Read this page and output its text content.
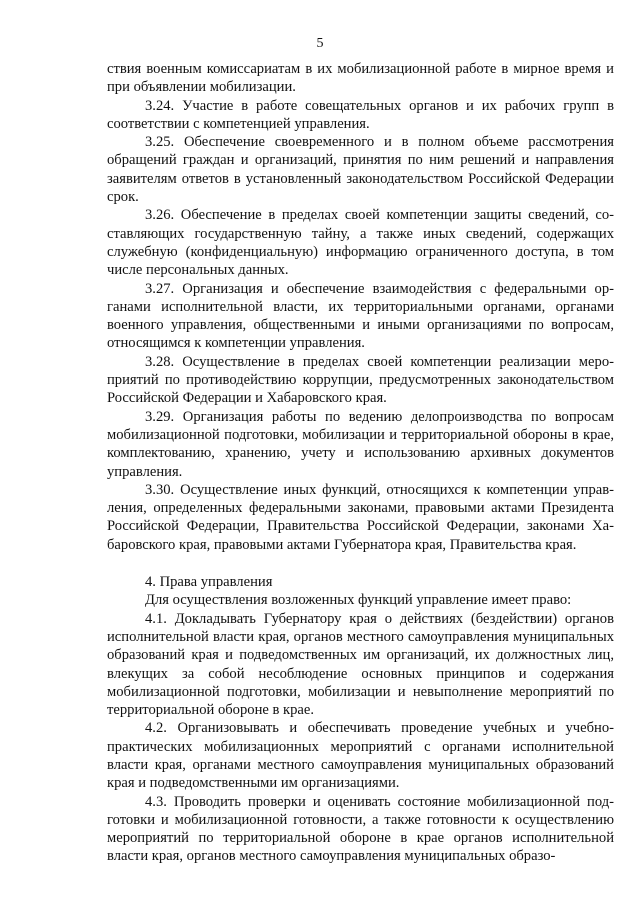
5

ствия военным комиссариатам в их мобилизационной работе в мирное время и при объявлении мобилизации.

3.24. Участие в работе совещательных органов и их рабочих групп в соответствии с компетенцией управления.

3.25. Обеспечение своевременного и в полном объеме рассмотрения обращений граждан и организаций, принятия по ним решений и направления заявителям ответов в установленный законодательством Российской Федерации срок.

3.26. Обеспечение в пределах своей компетенции защиты сведений, составляющих государственную тайну, а также иных сведений, содержащих служебную (конфиденциальную) информацию ограниченного доступа, в том числе персональных данных.

3.27. Организация и обеспечение взаимодействия с федеральными органами исполнительной власти, их территориальными органами, органами военного управления, общественными и иными организациями по вопросам, относящимся к компетенции управления.

3.28. Осуществление в пределах своей компетенции реализации мероприятий по противодействию коррупции, предусмотренных законодательством Российской Федерации и Хабаровского края.

3.29. Организация работы по ведению делопроизводства по вопросам мобилизационной подготовки, мобилизации и территориальной обороны в крае, комплектованию, хранению, учету и использованию архивных документов управления.

3.30. Осуществление иных функций, относящихся к компетенции управления, определенных федеральными законами, правовыми актами Президента Российской Федерации, Правительства Российской Федерации, законами Хабаровского края, правовыми актами Губернатора края, Правительства края.

4. Права управления

Для осуществления возложенных функций управление имеет право:

4.1. Докладывать Губернатору края о действиях (бездействии) органов исполнительной власти края, органов местного самоуправления муниципальных образований края и подведомственных им организаций, их должностных лиц, влекущих за собой несоблюдение основных принципов и содержания мобилизационной подготовки, мобилизации и невыполнение мероприятий по территориальной обороне в крае.

4.2. Организовывать и обеспечивать проведение учебных и учебно-практических мобилизационных мероприятий с органами исполнительной власти края, органами местного самоуправления муниципальных образований края и подведомственными им организациями.

4.3. Проводить проверки и оценивать состояние мобилизационной подготовки и мобилизационной готовности, а также готовности к осуществлению мероприятий по территориальной обороне в крае органов исполнительной власти края, органов местного самоуправления муниципальных образо-
